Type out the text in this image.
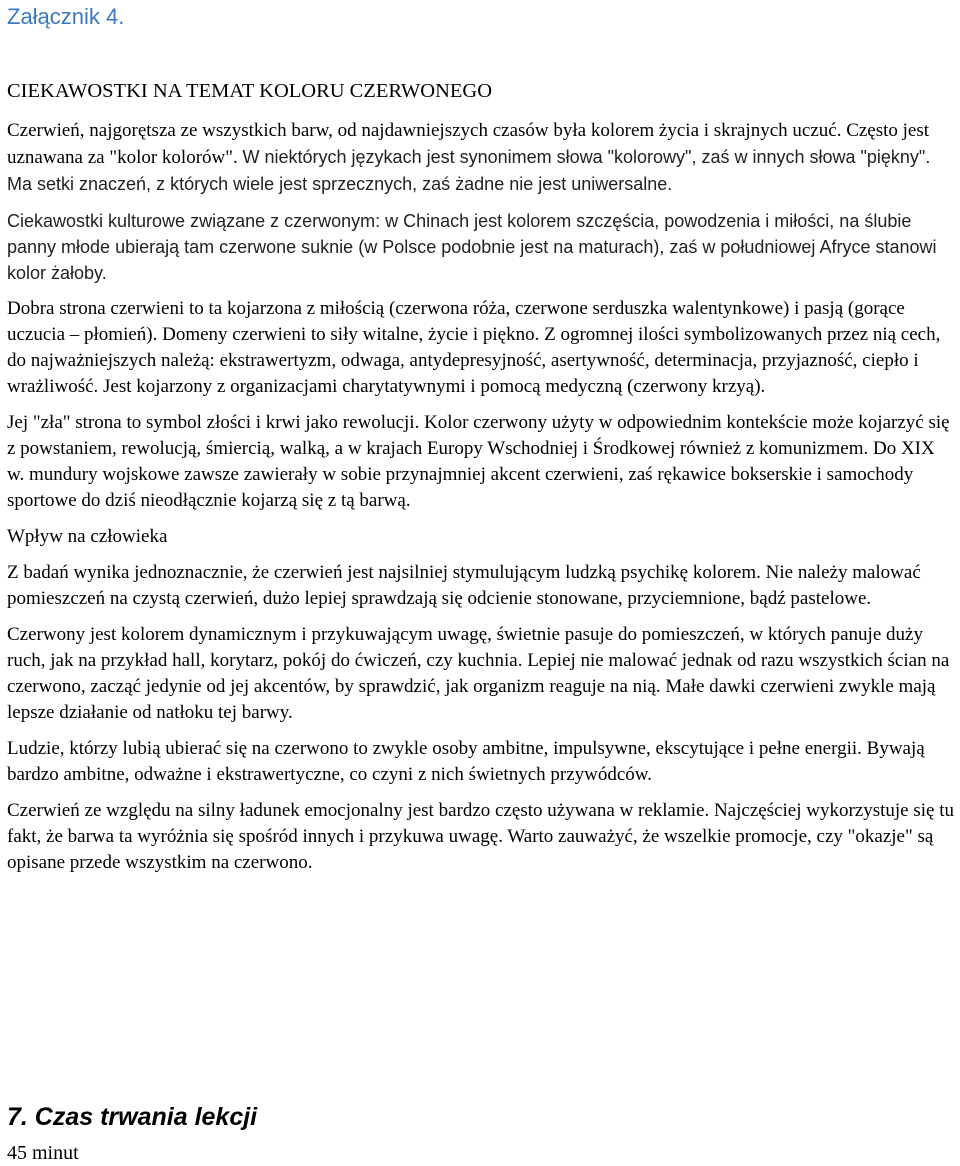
Załącznik 4.

CIEKAWOSTKI NA TEMAT KOLORU CZERWONEGO

Czerwień, najgorętsza ze wszystkich barw, od najdawniejszych czasów była kolorem życia i skrajnych uczuć. Często jest uznawana za "kolor kolorów". W niektórych językach jest synonimem słowa "kolorowy", zaś w innych słowa "piękny". Ma setki znaczeń, z których wiele jest sprzecznych, zaś żadne nie jest uniwersalne.

Ciekawostki kulturowe związane z czerwonym: w Chinach jest kolorem szczęścia, powodzenia i miłości, na ślubie panny młode ubierają tam czerwone suknie (w Polsce podobnie jest na maturach), zaś w południowej Afryce stanowi kolor żałoby.

Dobra strona czerwieni to ta kojarzona z miłością (czerwona róża, czerwone serduszka walentynkowe) i pasją (gorące uczucia – płomień). Domeny czerwieni to siły witalne, życie i piękno. Z ogromnej ilości symbolizowanych przez nią cech, do najważniejszych należą: ekstrawertyzm, odwaga, antydepresyjność, asertywność, determinacja, przyjazność, ciepło i wrażliwość. Jest kojarzony z organizacjami charytatywnymi i pomocą medyczną (czerwony krzyą).

Jej "zła" strona to symbol złości i krwi jako rewolucji. Kolor czerwony użyty w odpowiednim kontekście może kojarzyć się z powstaniem, rewolucją, śmiercią, walką, a w krajach Europy Wschodniej i Środkowej również z komunizmem. Do XIX w. mundury wojskowe zawsze zawierały w sobie przynajmniej akcent czerwieni, zaś rękawice bokserskie i samochody sportowe do dziś nieodłącznie kojarzą się z tą barwą.

Wpływ na człowieka

Z badań wynika jednoznacznie, że czerwień jest najsilniej stymulującym ludzką psychikę kolorem. Nie należy malować pomieszczeń na czystą czerwień, dużo lepiej sprawdzają się odcienie stonowane, przyciemnione, bądź pastelowe.

Czerwony jest kolorem dynamicznym i przykuwającym uwagę, świetnie pasuje do pomieszczeń, w których panuje duży ruch, jak na przykład hall, korytarz, pokój do ćwiczeń, czy kuchnia. Lepiej nie malować jednak od razu wszystkich ścian na czerwono, zacząć jedynie od jej akcentów, by sprawdzić, jak organizm reaguje na nią. Małe dawki czerwieni zwykle mają lepsze działanie od natłoku tej barwy.

Ludzie, którzy lubią ubierać się na czerwono to zwykle osoby ambitne, impulsywne, ekscytujące i pełne energii. Bywają bardzo ambitne, odważne i ekstrawertyczne, co czyni z nich świetnych przywódców.

Czerwień ze względu na silny ładunek emocjonalny jest bardzo często używana w reklamie. Najczęściej wykorzystuje się tu fakt, że barwa ta wyróżnia się spośród innych i przykuwa uwagę. Warto zauważyć, że wszelkie promocje, czy "okazje" są opisane przede wszystkim na czerwono.

7. Czas trwania lekcji

45 minut
